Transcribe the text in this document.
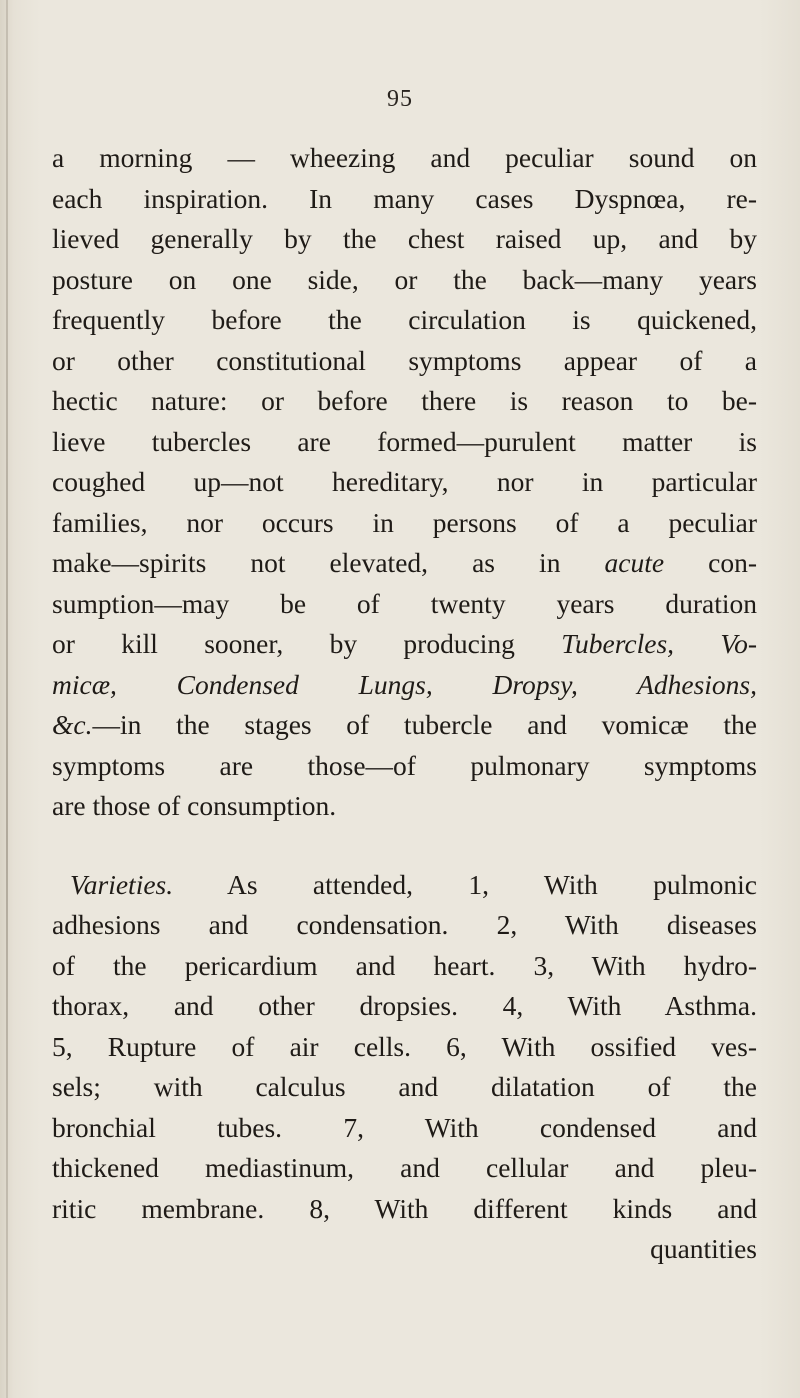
95
a morning — wheezing and peculiar sound on
each inspiration. In many cases Dyspnœa, re-
lieved generally by the chest raised up, and by
posture on one side, or the back—many years
frequently before the circulation is quickened,
or other constitutional symptoms appear of a
hectic nature: or before there is reason to be-
lieve tubercles are formed—purulent matter is
coughed up—not hereditary, nor in particular
families, nor occurs in persons of a peculiar
make—spirits not elevated, as in acute con-
sumption—may be of twenty years duration
or kill sooner, by producing Tubercles, Vo-
micæ, Condensed Lungs, Dropsy, Adhesions,
&c.—in the stages of tubercle and vomicæ the
symptoms are those—of pulmonary symptoms
are those of consumption.
Varieties. As attended, 1, With pulmonic
adhesions and condensation. 2, With diseases
of the pericardium and heart. 3, With hydro-
thorax, and other dropsies. 4, With Asthma.
5, Rupture of air cells. 6, With ossified ves-
sels; with calculus and dilatation of the
bronchial tubes. 7, With condensed and
thickened mediastinum, and cellular and pleu-
ritic membrane. 8, With different kinds and
quantities
